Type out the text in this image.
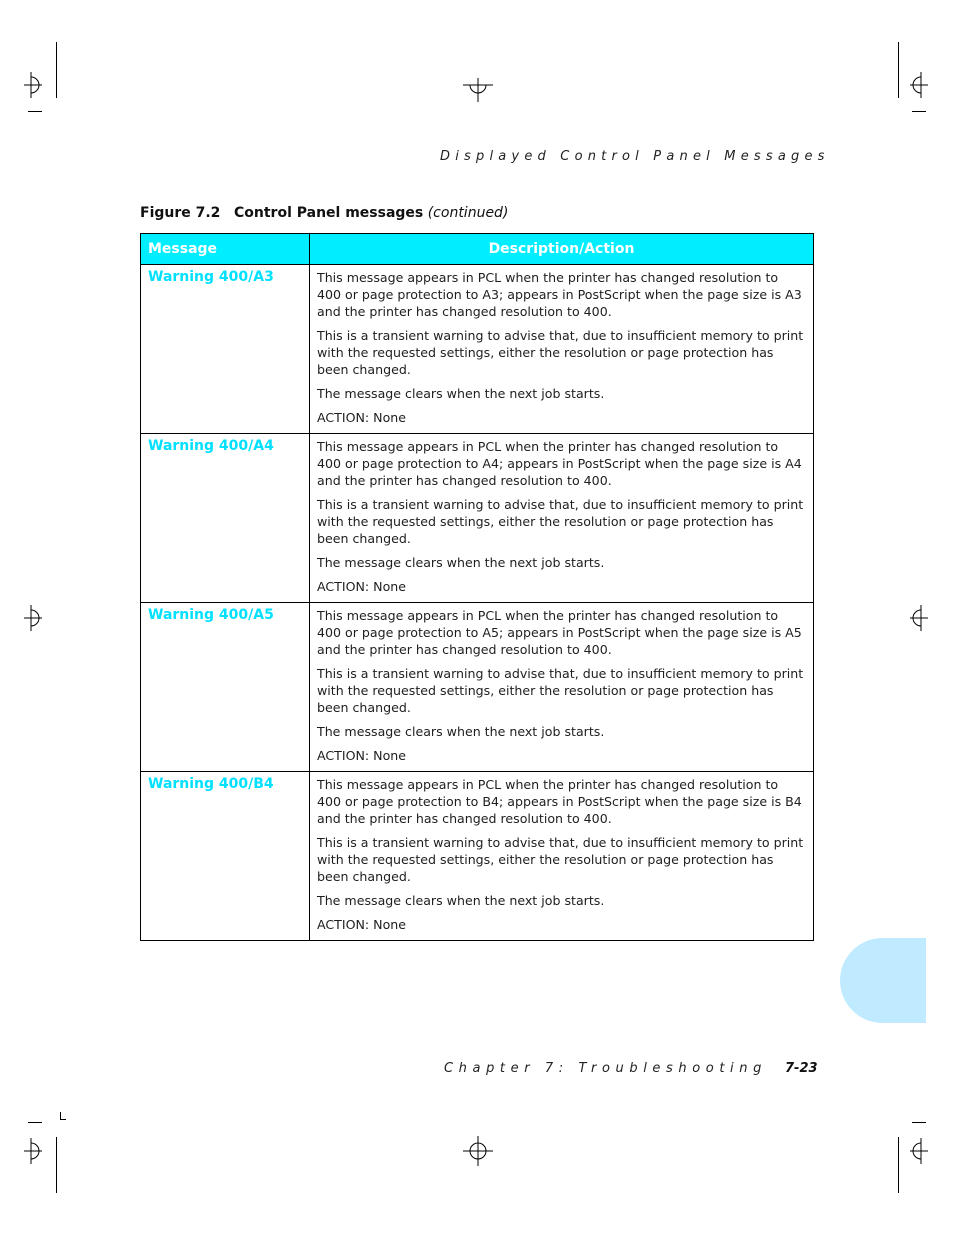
Displayed Control Panel Messages
Figure 7.2 Control Panel messages (continued)
Message	Description/Action
Warning 400/A3	This message appears in PCL when the printer has changed resolution to 400 or page protection to A3; appears in PostScript when the page size is A3 and the printer has changed resolution to 400.

This is a transient warning to advise that, due to insufficient memory to print with the requested settings, either the resolution or page protection has been changed.

The message clears when the next job starts.

ACTION: None

Warning 400/A4	This message appears in PCL when the printer has changed resolution to 400 or page protection to A4; appears in PostScript when the page size is A4 and the printer has changed resolution to 400.

This is a transient warning to advise that, due to insufficient memory to print with the requested settings, either the resolution or page protection has been changed.

The message clears when the next job starts.

ACTION: None

Warning 400/A5	This message appears in PCL when the printer has changed resolution to 400 or page protection to A5; appears in PostScript when the page size is A5 and the printer has changed resolution to 400.

This is a transient warning to advise that, due to insufficient memory to print with the requested settings, either the resolution or page protection has been changed.

The message clears when the next job starts.

ACTION: None

Warning 400/B4	This message appears in PCL when the printer has changed resolution to 400 or page protection to B4; appears in PostScript when the page size is B4 and the printer has changed resolution to 400.

This is a transient warning to advise that, due to insufficient memory to print with the requested settings, either the resolution or page protection has been changed.

The message clears when the next job starts.

ACTION: None

Chapter 7: Troubleshooting 7-23
